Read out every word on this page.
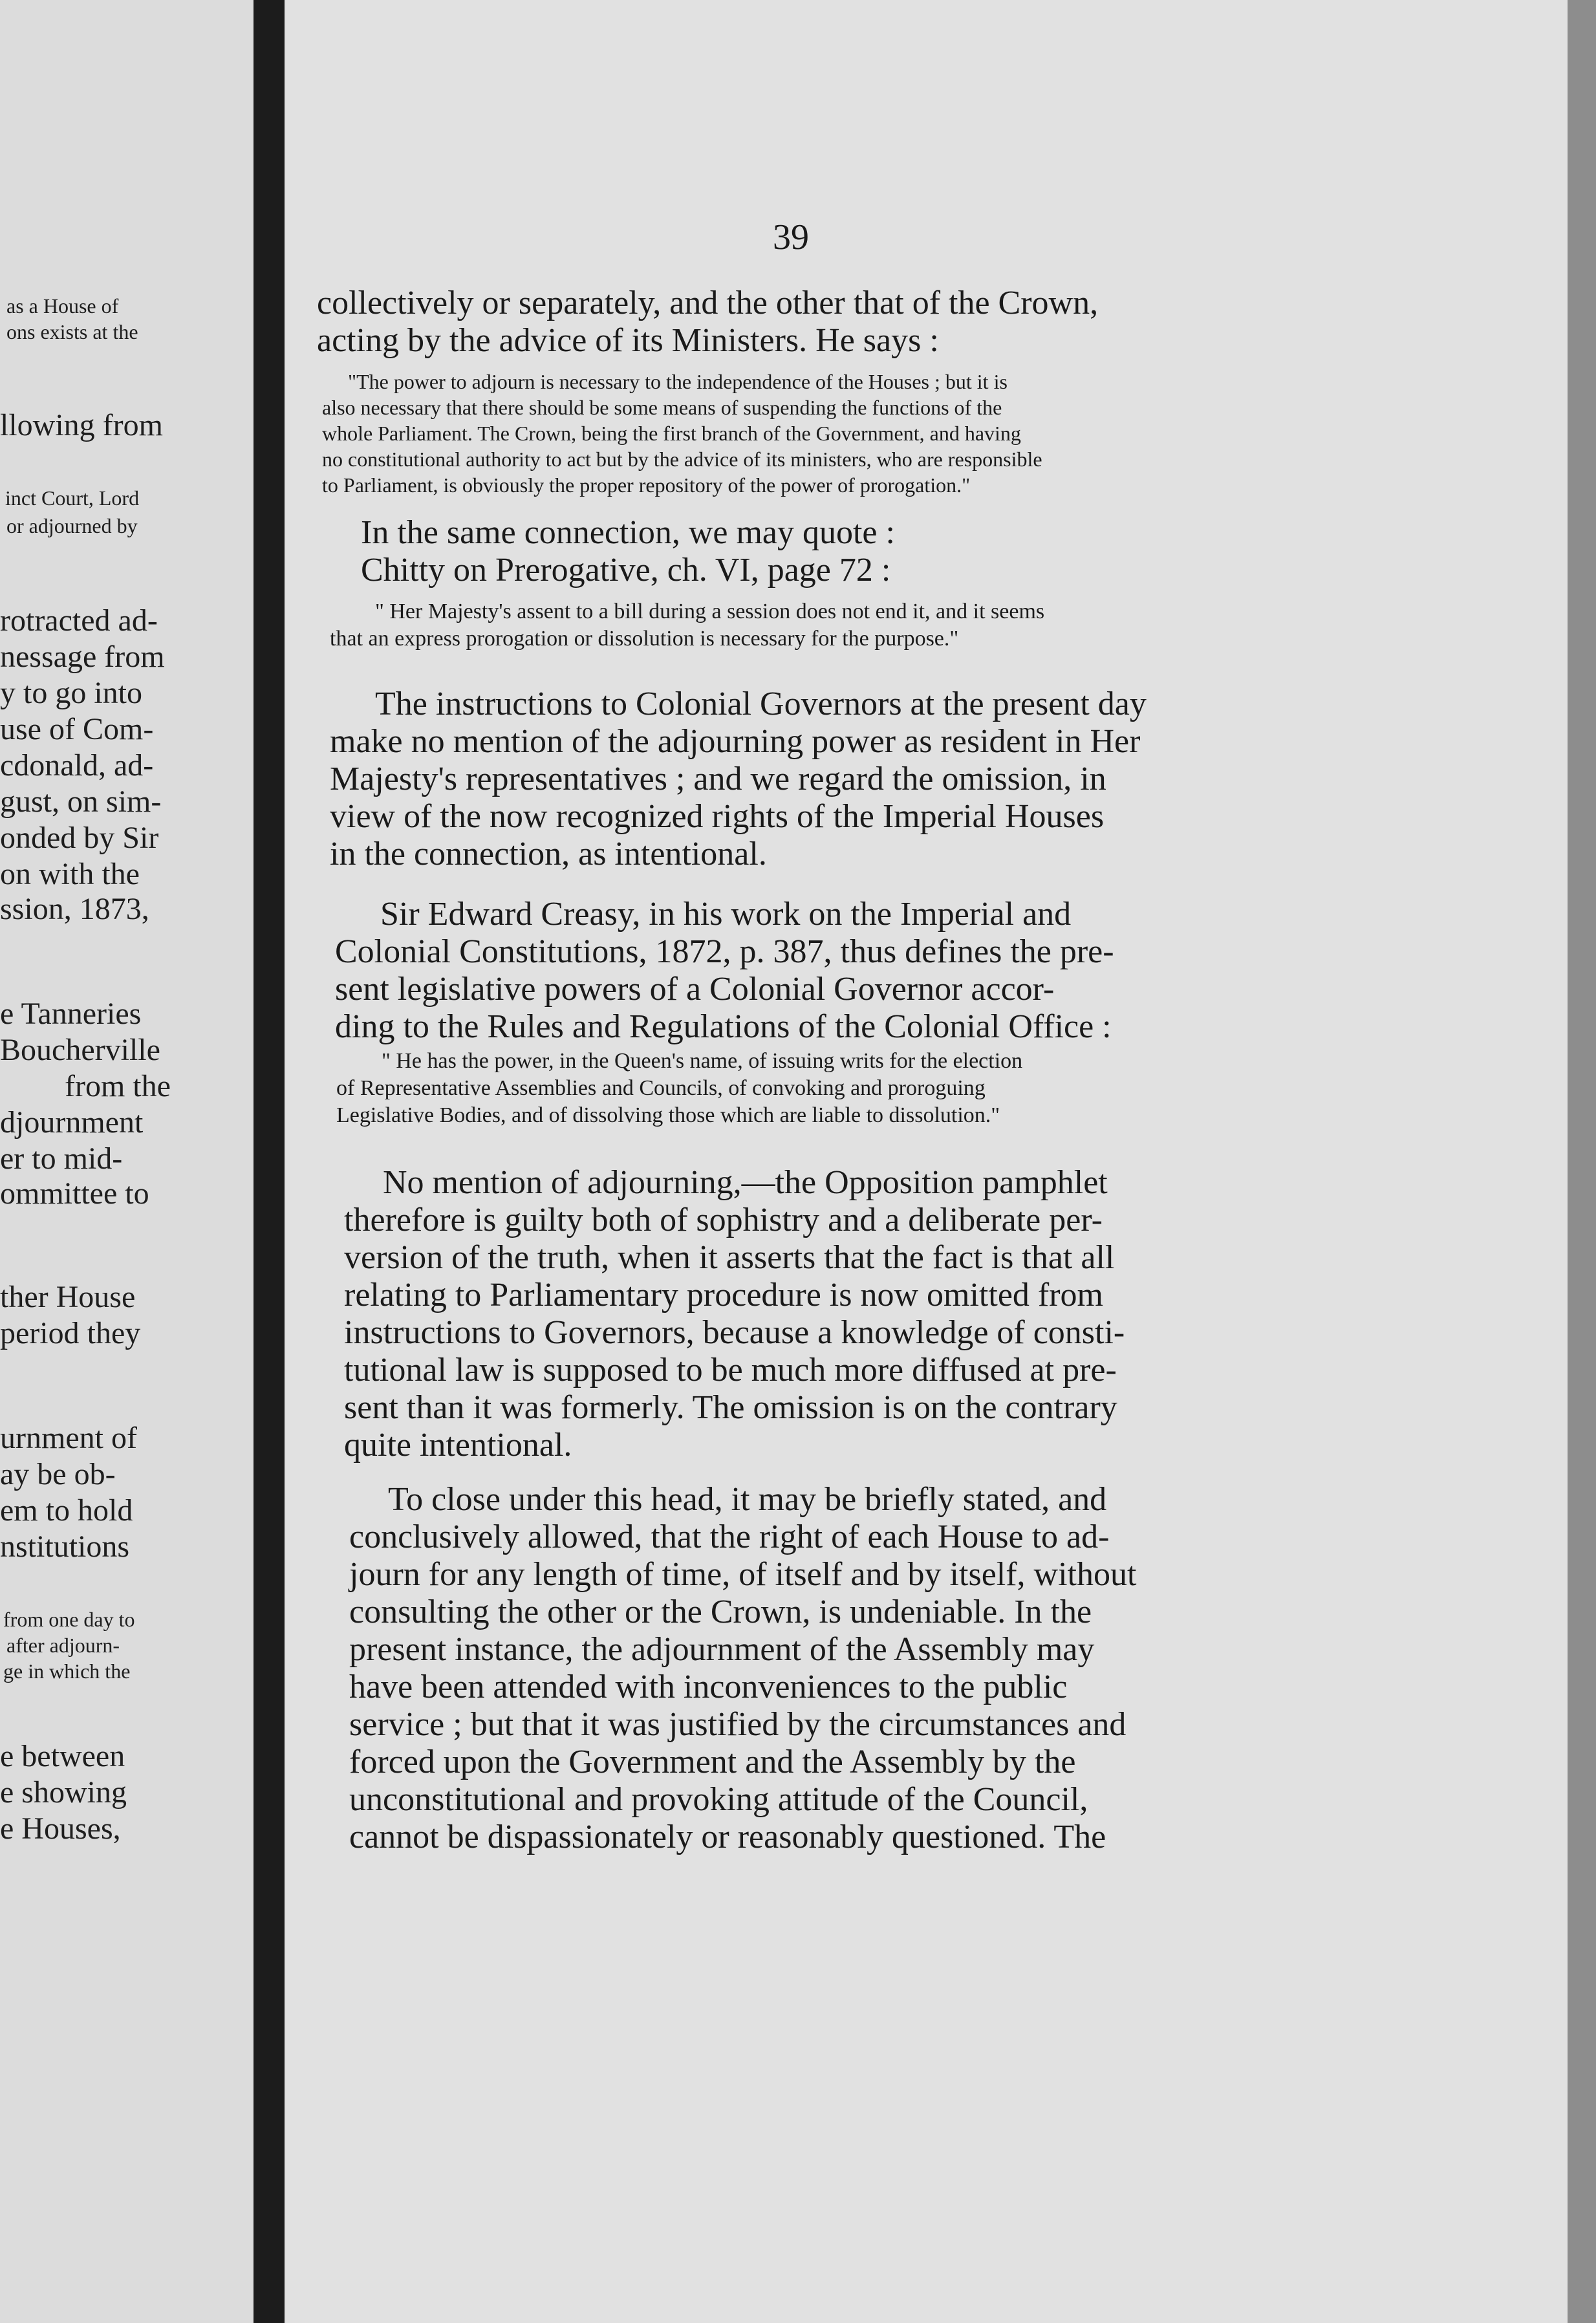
as a House of
ons exists at the
llowing from
inct Court, Lord
or adjourned by
rotracted ad-
nessage from
y to go into
use of Com-
cdonald, ad-
gust, on sim-
onded by Sir
on with the
ssion, 1873,
e Tanneries
Boucherville
from the
djournment
er to mid-
ommittee to
ther House
period they
urnment of
ay be ob-
em to hold
nstitutions
from one day to
after adjourn-
ge in which the
e between
e showing
e Houses,
39
collectively or separately, and the other that of the Crown,
acting by the advice of its Ministers. He says :
"The power to adjourn is necessary to the independence of the Houses ; but it is
also necessary that there should be some means of suspending the functions of the
whole Parliament. The Crown, being the first branch of the Government, and having
no constitutional authority to act but by the advice of its ministers, who are responsible
to Parliament, is obviously the proper repository of the power of prorogation."
In the same connection, we may quote :
Chitty on Prerogative, ch. VI, page 72 :
" Her Majesty's assent to a bill during a session does not end it, and it seems
that an express prorogation or dissolution is necessary for the purpose."
The instructions to Colonial Governors at the present day
make no mention of the adjourning power as resident in Her
Majesty's representatives ; and we regard the omission, in
view of the now recognized rights of the Imperial Houses
in the connection, as intentional.
Sir Edward Creasy, in his work on the Imperial and
Colonial Constitutions, 1872, p. 387, thus defines the pre-
sent legislative powers of a Colonial Governor accor-
ding to the Rules and Regulations of the Colonial Office :
" He has the power, in the Queen's name, of issuing writs for the election
of Representative Assemblies and Councils, of convoking and proroguing
Legislative Bodies, and of dissolving those which are liable to dissolution."
No mention of adjourning,—the Opposition pamphlet
therefore is guilty both of sophistry and a deliberate per-
version of the truth, when it asserts that the fact is that all
relating to Parliamentary procedure is now omitted from
instructions to Governors, because a knowledge of consti-
tutional law is supposed to be much more diffused at pre-
sent than it was formerly. The omission is on the contrary
quite intentional.
To close under this head, it may be briefly stated, and
conclusively allowed, that the right of each House to ad-
journ for any length of time, of itself and by itself, without
consulting the other or the Crown, is undeniable. In the
present instance, the adjournment of the Assembly may
have been attended with inconveniences to the public
service ; but that it was justified by the circumstances and
forced upon the Government and the Assembly by the
unconstitutional and provoking attitude of the Council,
cannot be dispassionately or reasonably questioned. The
